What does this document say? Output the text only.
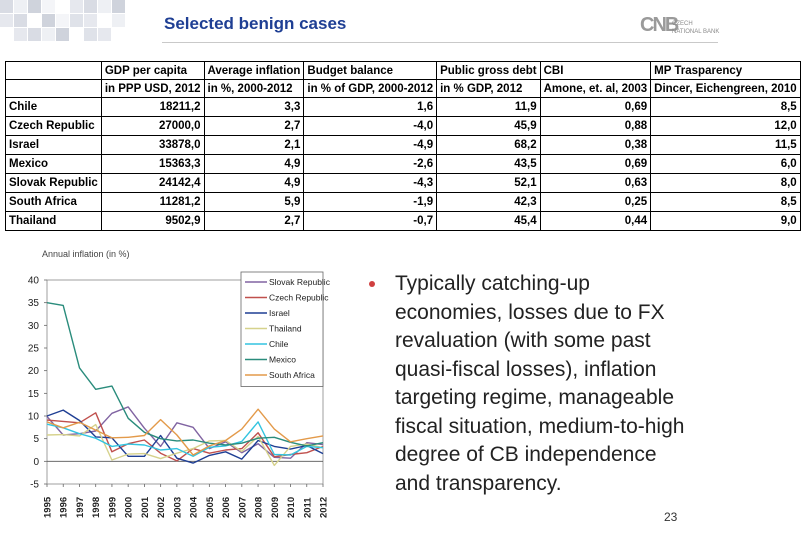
Selected benign cases	CNB
CZECH
NATIONAL BANK
	GDP per capita	Average inflation	Budget balance	Public gross debt	CBI	MP Trasparency
	in PPP USD, 2012	in %, 2000-2012	in % of GDP, 2000-2012	in % GDP, 2012	Amone, et. al, 2003	Dincer, Eichengreen, 2010
Chile	18211,2	3,3	1,6	11,9	0,69	8,5
Czech Republic	27000,0	2,7	-4,0	45,9	0,88	12,0
Israel	33878,0	2,1	-4,9	68,2	0,38	11,5
Mexico	15363,3	4,9	-2,6	43,5	0,69	6,0
Slovak Republic	24142,4	4,9	-4,3	52,1	0,63	8,0
South Africa	11281,2	5,9	-1,9	42,3	0,25	8,5
Thailand	9502,9	2,7	-0,7	45,4	0,44	9,0
Annual inflation (in %)
40
35
30
25
20
15
10
5
0
-5
1995 1996 1997 1998 1999 2000 2001 2002 2003 2004 2005 2006 2007 2008 2009 2010 2011 2012
Slovak Republic
Czech Republic
Israel
Thailand
Chile
Mexico
South Africa
Typically catching-up economies, losses due to FX revaluation (with some past quasi-fiscal losses), inflation targeting regime, manageable fiscal situation, medium-to-high degree of CB independence and transparency.
23
